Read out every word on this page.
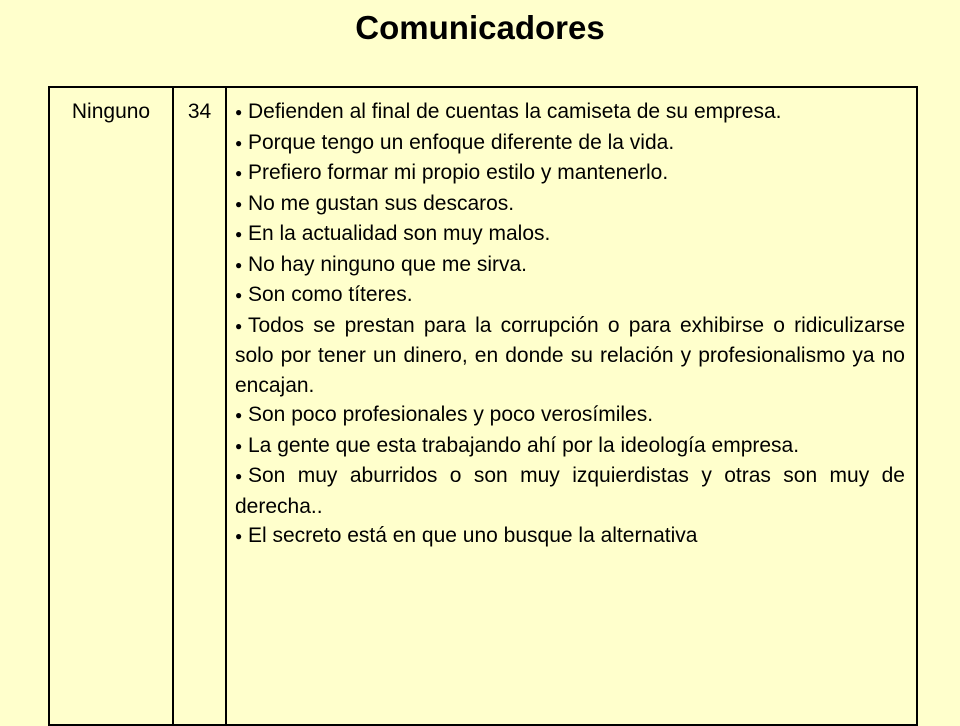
Comunicadores
Ninguno	34	● Defienden al final de cuentas la camiseta de su empresa.

● Porque tengo un enfoque diferente de la vida.

● Prefiero formar mi propio estilo y mantenerlo.

● No me gustan sus descaros.

● En la actualidad son muy malos.

● No hay ninguno que me sirva.

● Son como títeres.

● Todos se prestan para la corrupción o para exhibirse o ridiculizarse solo por tener un dinero, en donde su relación y profesionalismo ya no encajan.

● Son poco profesionales y poco verosímiles.

● La gente que esta trabajando ahí por la ideología empresa.

● Son muy aburridos o son muy izquierdistas y otras son muy de derecha..

● El secreto está en que uno busque la alternativa
